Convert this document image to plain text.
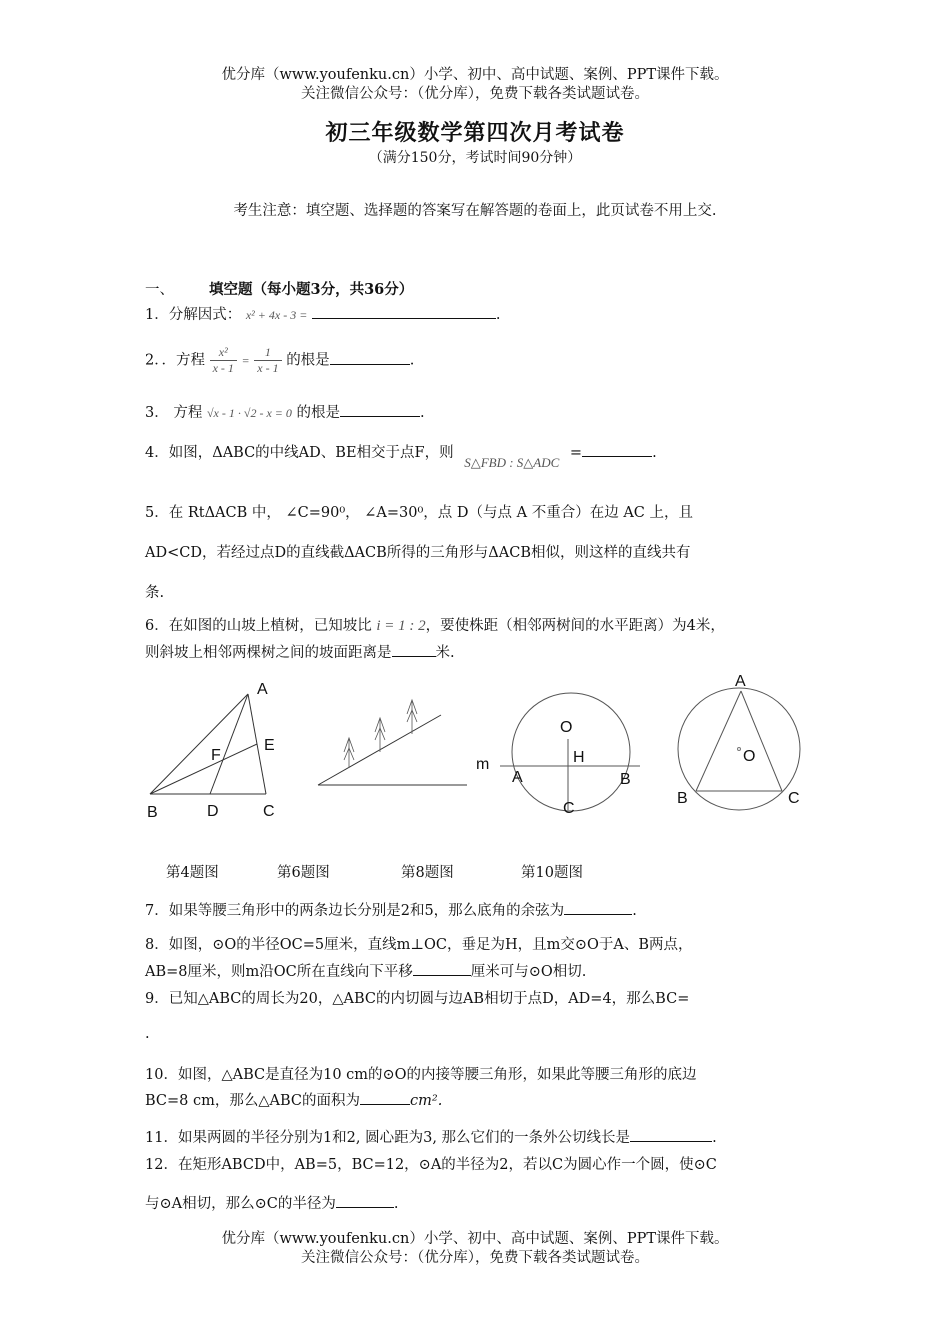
优分库（www.youfenku.cn）小学、初中、高中试题、案例、PPT课件下载。
关注微信公众号：（优分库），免费下载各类试题试卷。
初三年级数学第四次月考试卷
（满分150分，考试时间90分钟）
考生注意：填空题、选择题的答案写在解答题的卷面上，此页试卷不用上交.
一、 填空题（每小题3分，共36分）
1．分解因式： x² + 4x - 3 =	.
2．．方程 $\frac{\text{x²}}{x - 1} = \frac{1}{x - 1}$ 的根是	.
3． 方程 √x - 1 · √2 - x = 0 的根是	.
4．如图，ΔABC的中线AD、BE相交于点F，则 S△FBD : S△ADC =	.
5．在 RtΔACB 中， ∠C=90⁰， ∠A=30⁰，点 D（与点 A 不重合）在边 AC 上，且
AD<CD，若经过点D的直线截ΔACB所得的三角形与ΔACB相似，则这样的直线共有
条.
6．在如图的山坡上植树，已知坡比 i = 1 : 2，要使株距（相邻两树间的水平距离）为4米，
则斜坡上相邻两棵树之间的坡面距离是	米.
A
E
F
B	D	C
O
H
m
A	B
C
A
O
B	C
第4题图	第6题图	第8题图	第10题图
7．如果等腰三角形中的两条边长分别是2和5，那么底角的余弦为	.
8．如图，⊙O的半径OC=5厘米，直线m⊥OC，垂足为H，且m交⊙O于A、B两点，
AB=8厘米，则m沿OC所在直线向下平移	厘米可与⊙O相切.
9．已知△ABC的周长为20，△ABC的内切圆与边AB相切于点D，AD=4，那么BC=
.
10．如图，△ABC是直径为10 cm的⊙O的内接等腰三角形，如果此等腰三角形的底边
BC=8 cm，那么△ABC的面积为	cm².
11．如果两圆的半径分别为1和2, 圆心距为3, 那么它们的一条外公切线长是	.
12．在矩形ABCD中，AB=5，BC=12，⊙A的半径为2，若以C为圆心作一个圆，使⊙C
与⊙A相切，那么⊙C的半径为	.
优分库（www.youfenku.cn）小学、初中、高中试题、案例、PPT课件下载。
关注微信公众号：（优分库），免费下载各类试题试卷。
